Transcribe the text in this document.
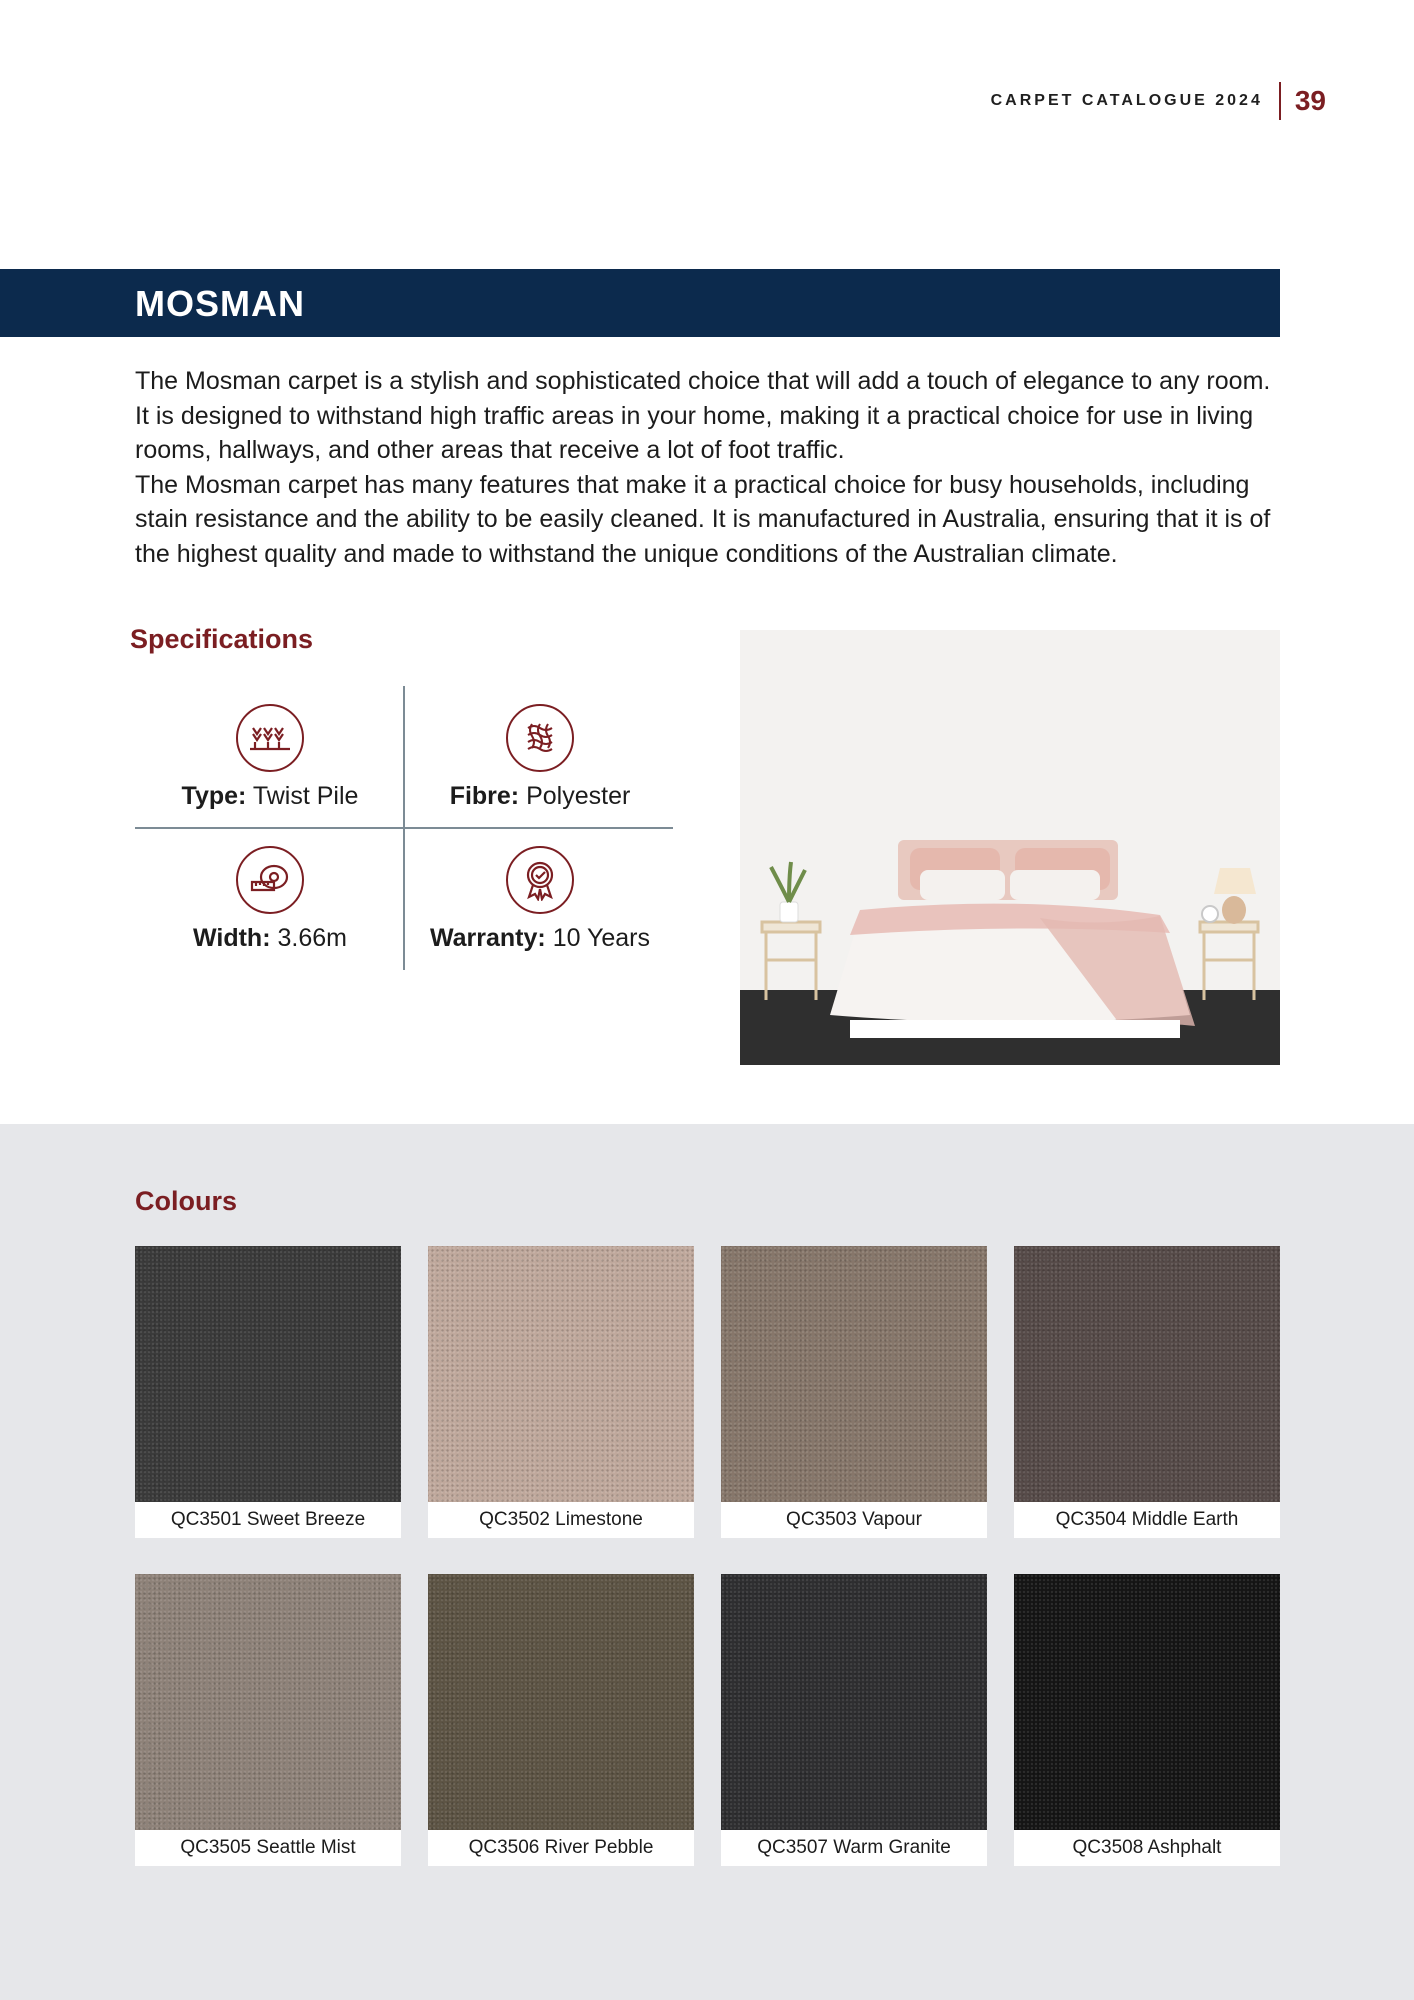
CARPET CATALOGUE 2024 39
MOSMAN

The Mosman carpet is a stylish and sophisticated choice that will add a touch of elegance to any room. It is designed to withstand high traffic areas in your home, making it a practical choice for use in living rooms, hallways, and other areas that receive a lot of foot traffic.

The Mosman carpet has many features that make it a practical choice for busy households, including stain resistance and the ability to be easily cleaned. It is manufactured in Australia, ensuring that it is of the highest quality and made to withstand the unique conditions of the Australian climate.

Specifications
Type: Twist Pile	Fibre: Polyester
Width: 3.66m	Warranty: 10 Years
Colours
QC3501 Sweet Breeze	QC3502 Limestone	QC3503 Vapour	QC3504 Middle Earth
QC3505 Seattle Mist	QC3506 River Pebble	QC3507 Warm Granite	QC3508 Ashphalt
